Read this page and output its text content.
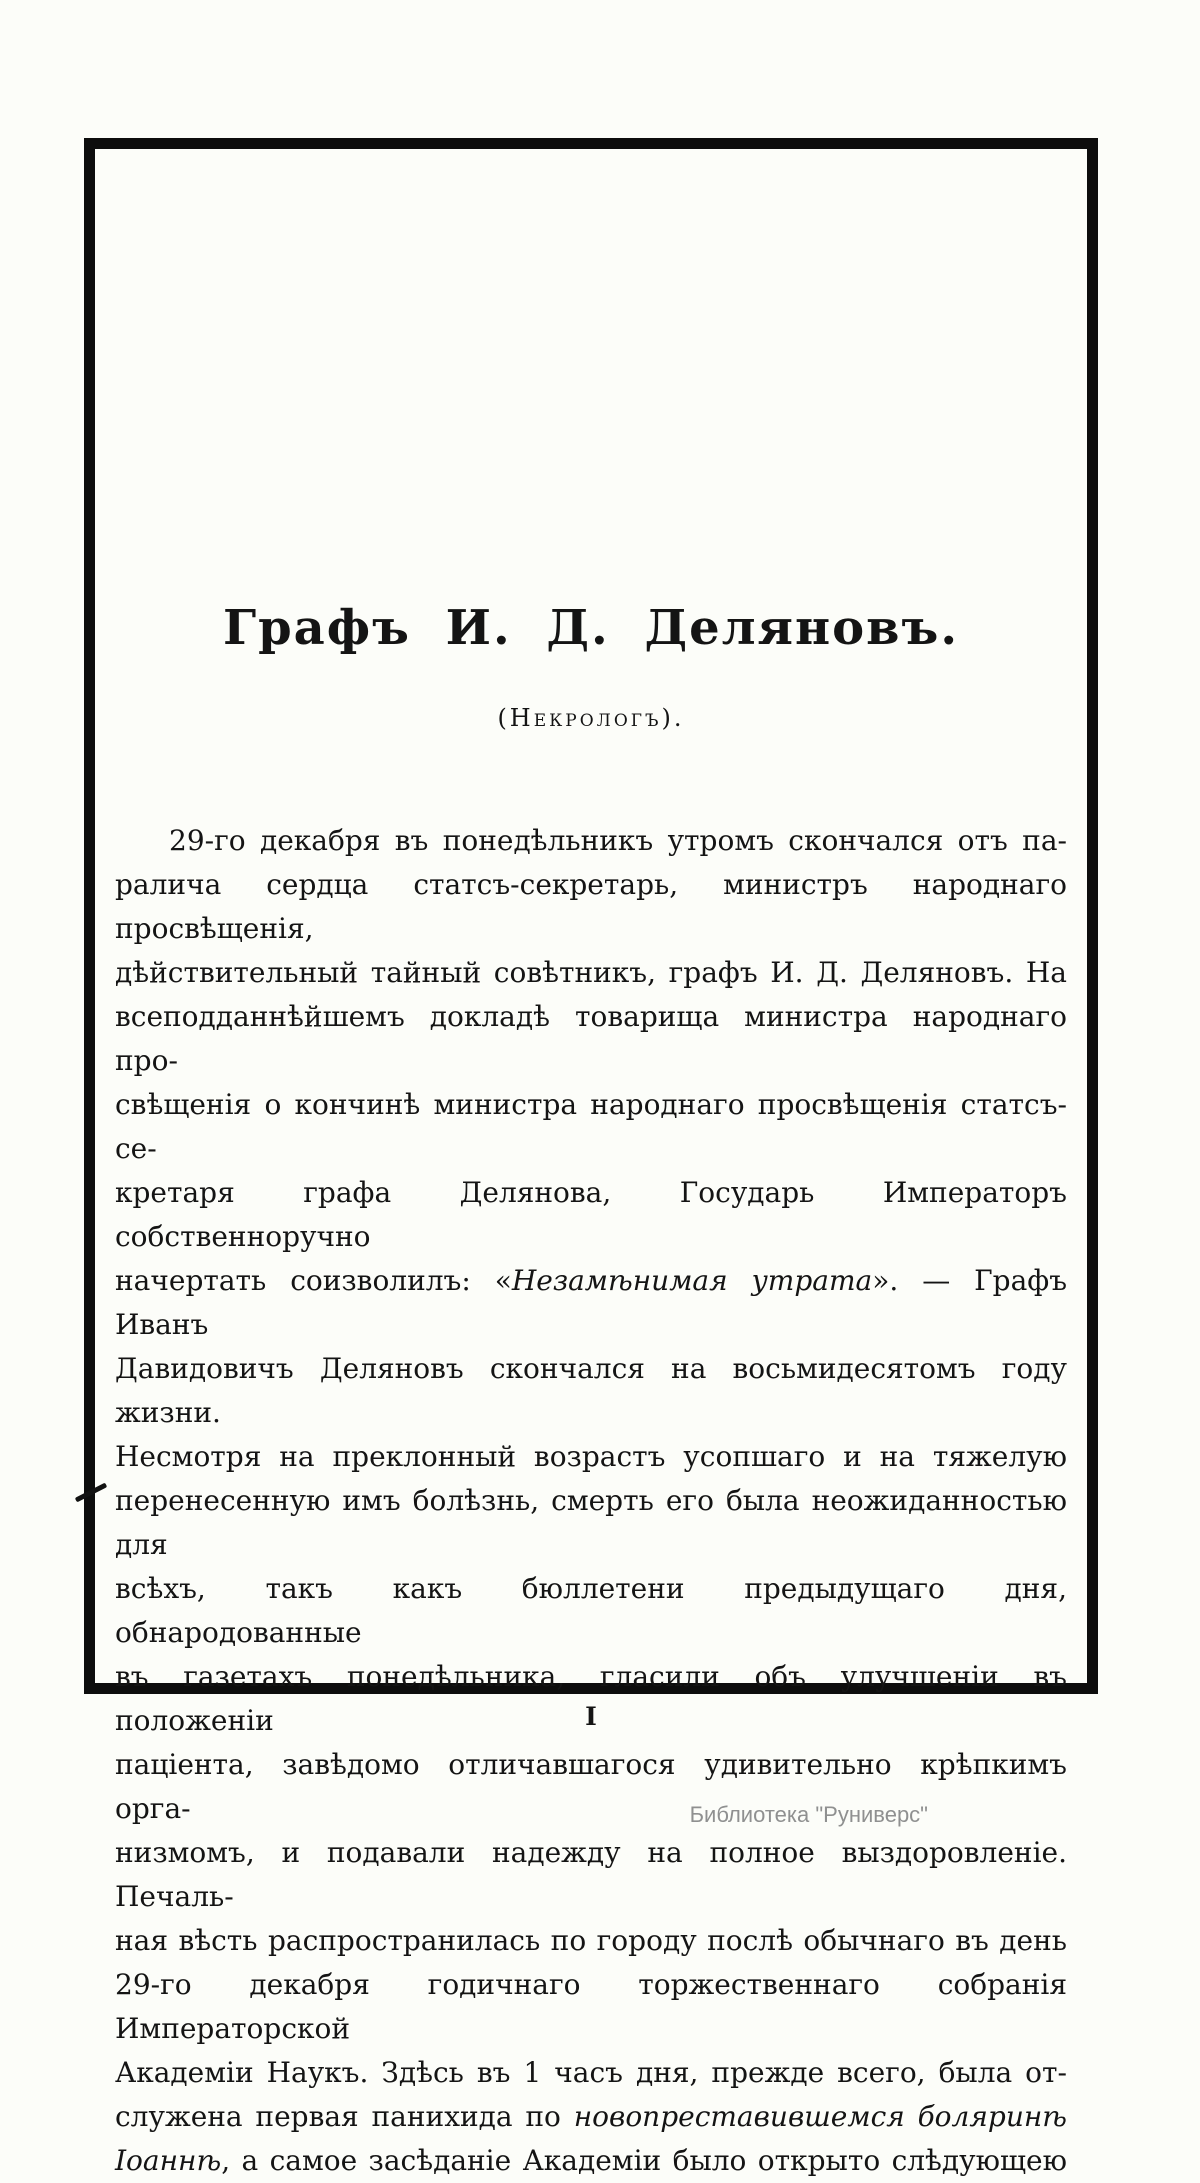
Графъ И. Д. Деляновъ.
(Некрологъ).
29-го декабря въ понедѣльникъ утромъ скончался отъ па-
ралича сердца статсъ-секретарь, министръ народнаго просвѣщенія,
дѣйствительный тайный совѣтникъ, графъ И. Д. Деляновъ. На
всеподданнѣйшемъ докладѣ товарища министра народнаго про-
свѣщенія о кончинѣ министра народнаго просвѣщенія статсъ-се-
кретаря графа Делянова, Государь Императоръ собственноручно
начертать соизволилъ: «Незамѣнимая утрата». — Графъ Иванъ
Давидовичъ Деляновъ скончался на восьмидесятомъ году жизни.
Несмотря на преклонный возрастъ усопшаго и на тяжелую
перенесенную имъ болѣзнь, смерть его была неожиданностью для
всѣхъ, такъ какъ бюллетени предыдущаго дня, обнародованные
въ газетахъ понедѣльника, гласили объ улучшеніи въ положеніи
паціента, завѣдомо отличавшагося удивительно крѣпкимъ орга-
низмомъ, и подавали надежду на полное выздоровленіе. Печаль-
ная вѣсть распространилась по городу послѣ обычнаго въ день
29-го декабря годичнаго торжественнаго собранія Императорской
Академіи Наукъ. Здѣсь въ 1 часъ дня, прежде всего, была от-
служена первая панихида по новопреставившемся боляринѣ
Іоаннѣ, а самое засѣданіе Академіи было открыто слѣдующею
I
Библиотека "Руниверс"
